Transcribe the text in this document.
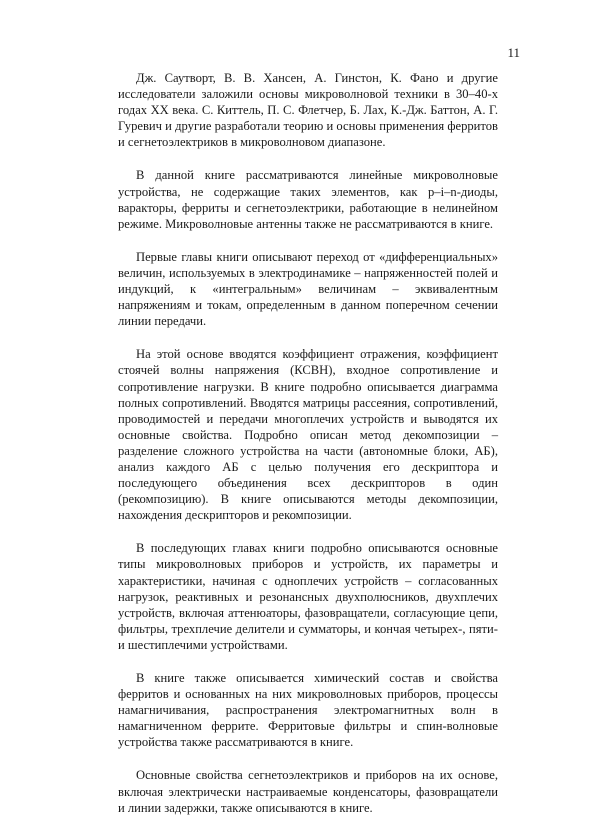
11

Дж. Саутворт, В. В. Хансен, А. Гинстон, К. Фано и другие исследователи заложили основы микроволновой техники в 30–40-х годах XX века. С. Киттель, П. С. Флетчер, Б. Лах, К.-Дж. Баттон, А. Г. Гуревич и другие разработали теорию и основы применения ферритов и сегнетоэлектриков в микроволновом диапазоне.

В данной книге рассматриваются линейные микроволновые устройства, не содержащие таких элементов, как p–i–n-диоды, варакторы, ферриты и сегнетоэлектрики, работающие в нелинейном режиме. Микроволновые антенны также не рассматриваются в книге.

Первые главы книги описывают переход от «дифференциальных» величин, используемых в электродинамике – напряженностей полей и индукций, к «интегральным» величинам – эквивалентным напряжениям и токам, определенным в данном поперечном сечении линии передачи.

На этой основе вводятся коэффициент отражения, коэффициент стоячей волны напряжения (КСВН), входное сопротивление и сопротивление нагрузки. В книге подробно описывается диаграмма полных сопротивлений. Вводятся матрицы рассеяния, сопротивлений, проводимостей и передачи многоплечих устройств и выводятся их основные свойства. Подробно описан метод декомпозиции – разделение сложного устройства на части (автономные блоки, АБ), анализ каждого АБ с целью получения его дескриптора и последующего объединения всех дескрипторов в один (рекомпозицию). В книге описываются методы декомпозиции, нахождения дескрипторов и рекомпозиции.

В последующих главах книги подробно описываются основные типы микроволновых приборов и устройств, их параметры и характеристики, начиная с одноплечих устройств – согласованных нагрузок, реактивных и резонансных двухполюсников, двухплечих устройств, включая аттенюаторы, фазовращатели, согласующие цепи, фильтры, трехплечие делители и сумматоры, и кончая четырех-, пяти- и шестиплечими устройствами.

В книге также описывается химический состав и свойства ферритов и основанных на них микроволновых приборов, процессы намагничивания, распространения электромагнитных волн в намагниченном феррите. Ферритовые фильтры и спин-волновые устройства также рассматриваются в книге.

Основные свойства сегнетоэлектриков и приборов на их основе, включая электрически настраиваемые конденсаторы, фазовращатели и линии задержки, также описываются в книге.
